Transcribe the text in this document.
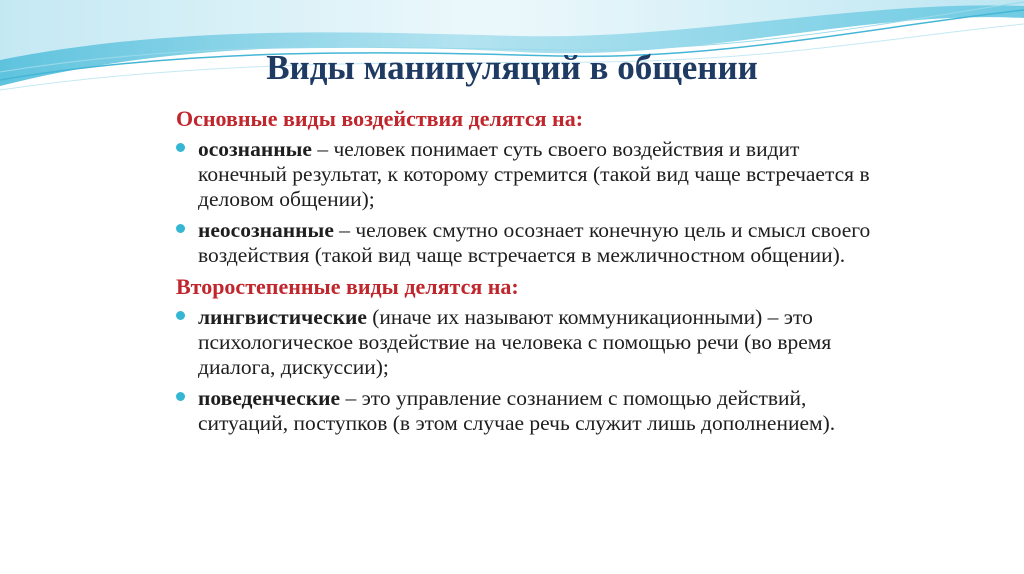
Виды манипуляций в общении

Основные виды воздействия делятся на:

осознанные – человек понимает суть своего воздействия и видит конечный результат, к которому стремится (такой вид чаще встречается в деловом общении);
неосознанные – человек смутно осознает конечную цель и смысл своего воздействия (такой вид чаще встречается в межличностном общении).

Второстепенные виды делятся на:

лингвистические (иначе их называют коммуникационными) – это психологическое воздействие на человека с помощью речи (во время диалога, дискуссии);
поведенческие – это управление сознанием с помощью действий, ситуаций, поступков (в этом случае речь служит лишь дополнением).
